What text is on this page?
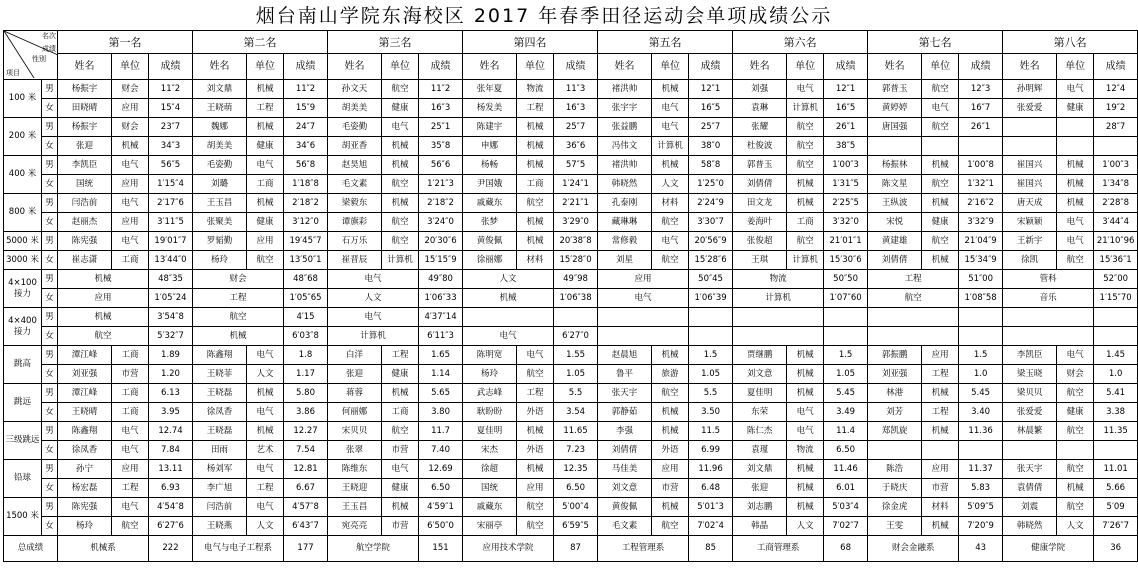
烟台南山学院东海校区 2017 年春季田径运动会单项成绩公示
名次
成绩
性别
项目		第一名			第二名			第三名			第四名			第五名			第六名			第七名			第八名		
		姓名	单位	成绩	姓名	单位	成绩	姓名	单位	成绩	姓名	单位	成绩	姓名	单位	成绩	姓名	单位	成绩	姓名	单位	成绩	姓名	单位	成绩
100 米	男	杨振宇	财会	11″2	刘文鼎	机械	11″2	孙文天	航空	11″2	张年夏	物流	11″3	褚洪帅	机械	12″1	刘强	电气	12″1	郭普玉	航空	12″3	孙明辉	电气	12″4
	女	田晓晴	应用	15″4	王晓萌	工程	15″9	胡美美	健康	16″3	杨发美	工程	16″3	张宇宇	电气	16″5	袁琳	计算机	16″5	黄婷婷	电气	16″7	张爱爱	健康	19″2
200 米	男	杨振宇	财会	23″7	魏娜	机械	24″7	毛姿勤	电气	25″1	陈建宇	机械	25″7	张益鹏	电气	25″7	张耀	航空	26″1	唐国强	航空	26″1			28″7
	女	张迎	机械	34″3	胡美美	健康	34″6	胡亚香	机械	35″8	申娜	机械	36″6	冯伟文	计算机	38″0	杜俊波	航空	38″5						
400 米	男	李凯臣	电气	56″5	毛姿勤	电气	56″8	赵昊旭	机械	56″6	杨畅	机械	57″5	褚洪帅	机械	58″8	郭普玉	航空	1′00″3	杨振林	机械	1′00″8	崔国兴	机械	1′00″3
	女	国统	应用	1′15″4	刘璐	工商	1′18″8	毛文素	航空	1′21″3	尹国娥	工商	1′24″1	韩晓然	人文	1′25″0	刘倩倩	机械	1′31″5	陈文星	航空	1′32″1	崔国兴	机械	1′34″8
800 米	男	闫浩前	电气	2′17″6	王玉昌	机械	2′18″2	梁毅东	机械	2′18″2	戚藏东	航空	2′21″1	孔泰刚	材料	2′24″9	田文龙	机械	2′25″5	王纵波	机械	2′16″2	唐天成	机械	2′28″8
	女	赵丽杰	应用	3′11″5	张聚美	健康	3′12″0	谭旗彩	航空	3′24″0	张梦	机械	3′29″0	藏琳琳	航空	3′30″7	姜海叶	工商	3′32″0	宋悦	健康	3′32″9	宋颖颖	电气	3′44″4
5000 米	男	陈宪强	电气	19′01″7	罗韬勤	应用	19′45″7	石万乐	航空	20′30″6	黄俊佩	机械	20′38″8	常修毅	电气	20′56″9	张俊超	航空	21′01″1	黄建雄	航空	21′04″9	王新宇	电气	21′10″96
3000 米	女	崔志潇	工商	13′44″0	杨玲	航空	13′50″1	崔晋辰	计算机	15′15″9	徐丽娜	材料	15′28″0	刘星	航空	15′28″6	王琪	计算机	15′30″6	刘倩倩	机械	15′34″9	徐凯	航空	15′36″1
4×100 接力	男	机械		48″35	财会		48″68	电气		49″80	人文		49″98	应用		50″45	物流		50″50	工程		51″00	管科		52″00
	女	应用		1′05″24	工程		1′05″65	人文		1′06″33	机械		1′06″38	电气		1′06″39	计算机		1′07″60	航空		1′08″58	音乐		1′15″70
4×400 接力	男	机械		3′54″8	航空		4′15	电气		4′37″14															
	女	航空		5′32″7	机械		6′03″8	计算机		6′11″3	电气		6′27″0												
跳高	男	潭江峰	工商	1.89	陈鑫翔	电气	1.8	白洋	工程	1.65	陈明宽	电气	1.55	赵晨旭	机械	1.5	贾继鹏	机械	1.5	郭振鹏	应用	1.5	李凯臣	电气	1.45
	女	刘亚强	市营	1.20	王晓菲	人文	1.17	张迎	健康	1.14	杨玲	航空	1.05	鲁平	旅游	1.05	刘文意	机械	1.05	刘亚强	工程	1.0	梁玉晓	财会	1.0
跳远	男	潭江峰	工商	6.13	王晓磊	机械	5.80	蒋蓉	机械	5.65	武志峰	工程	5.5	张天宇	航空	5.5	夏佳明	机械	5.45	林港	机械	5.45	梁贝贝	航空	5.41
	女	王晓晴	工商	3.95	徐凤香	电气	3.86	何丽娜	工商	3.80	耿盼盼	外语	3.54	郭静茹	机械	3.50	东荣	电气	3.49	刘芳	工程	3.40	张爱爱	健康	3.38
三级跳远	男	陈鑫翔	电气	12.74	王晓磊	机械	12.27	宋贝贝	航空	11.7	夏佳明	机械	11.65	李强	机械	11.5	陈仁杰	电气	11.4	郑凯旋	机械	11.36	林晨繁	航空	11.35
	女	徐凤香	电气	7.84	田雨	艺术	7.54	张翠	市营	7.40	宋杰	外语	7.23	刘倩倩	外语	6.99	袁瑾	物流	6.50						
铅球	男	孙宁	应用	13.11	杨刘军	电气	12.81	陈维东	电气	12.69	徐超	机械	12.35	马佳美	应用	11.96	刘文鼎	机械	11.46	陈浩	应用	11.37	张天宇	航空	11.01
	女	杨宏磊	工程	6.93	李广旭	工程	6.67	王晓迎	健康	6.50	国统	应用	6.50	刘文意	市营	6.48	张迎	机械	6.01	于晓庆	市营	5.83	袁倩倩	机械	5.66
1500 米	男	陈宪强	电气	4′54″8	闫浩前	电气	4′57″8	王玉昌	机械	4′59″1	戚藏东	航空	5′00″4	黄俊佩	机械	5′01″3	刘志鹏	机械	5′03″4	徐金虎	材料	5′09″5	刘震	航空	5′09
	女	杨玲	航空	6′27″6	王晓燕	人文	6′43″7	宛亮亮	市营	6′50″0	宋丽亭	航空	6′59″5	毛文素	航空	7′02″4	韩晶	人文	7′02″7	王雯	机械	7′20″9	韩晓然	人文	7′26″7
总成绩		机械系		222	电气与电子工程系		177	航空学院		151	应用技术学院		87	工程管理系		85	工商管理系		68	财会金融系		43	健康学院		36
